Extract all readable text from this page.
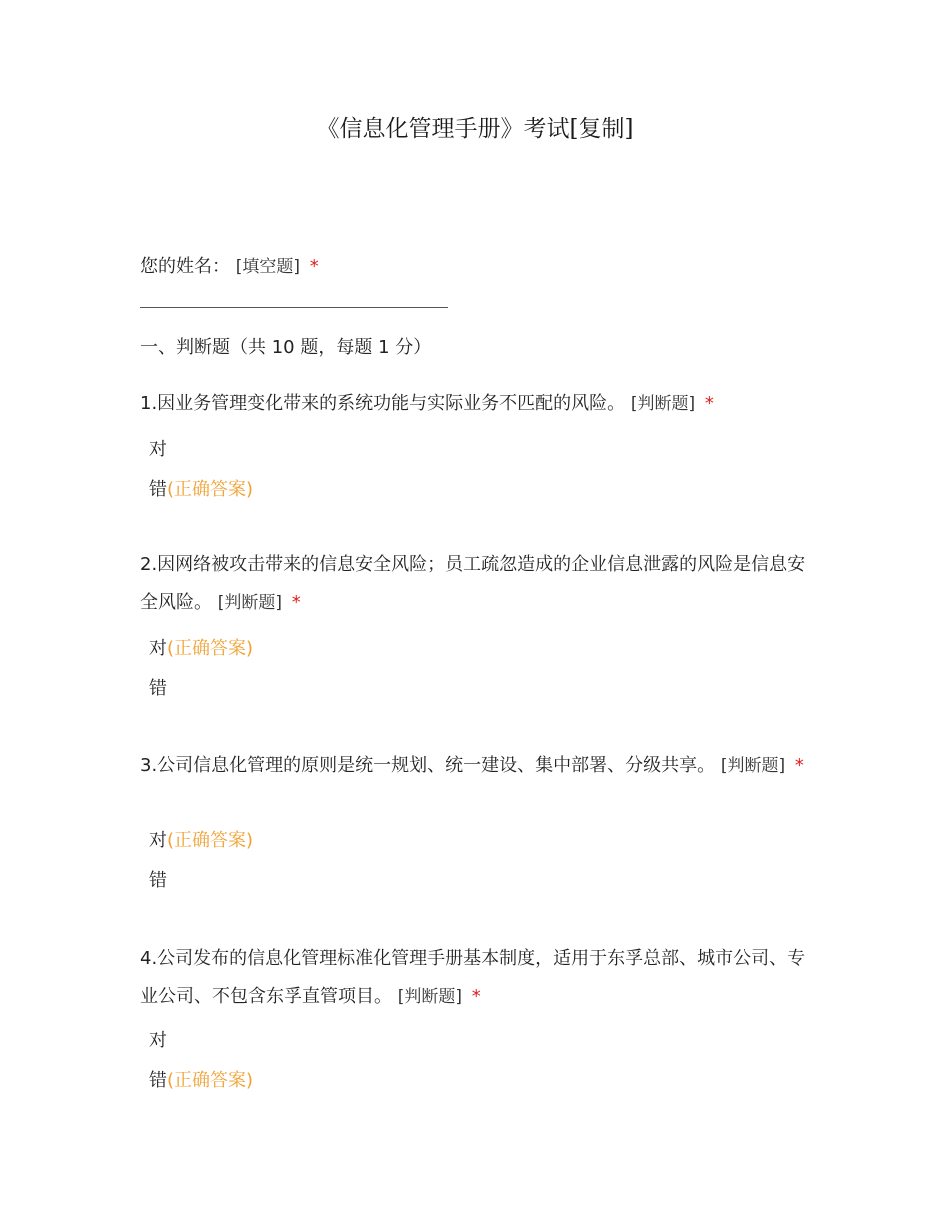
《信息化管理手册》考试[复制]
您的姓名： [填空题] *
一、判断题（共 10 题，每题 1 分）
1.因业务管理变化带来的系统功能与实际业务不匹配的风险。 [判断题] *
对
错(正确答案)
2.因网络被攻击带来的信息安全风险；员工疏忽造成的企业信息泄露的风险是信息安全风险。 [判断题] *
对(正确答案)
错
3.公司信息化管理的原则是统一规划、统一建设、集中部署、分级共享。 [判断题] *
对(正确答案)
错
4.公司发布的信息化管理标准化管理手册基本制度，适用于东孚总部、城市公司、专业公司、不包含东孚直管项目。 [判断题] *
对
错(正确答案)
